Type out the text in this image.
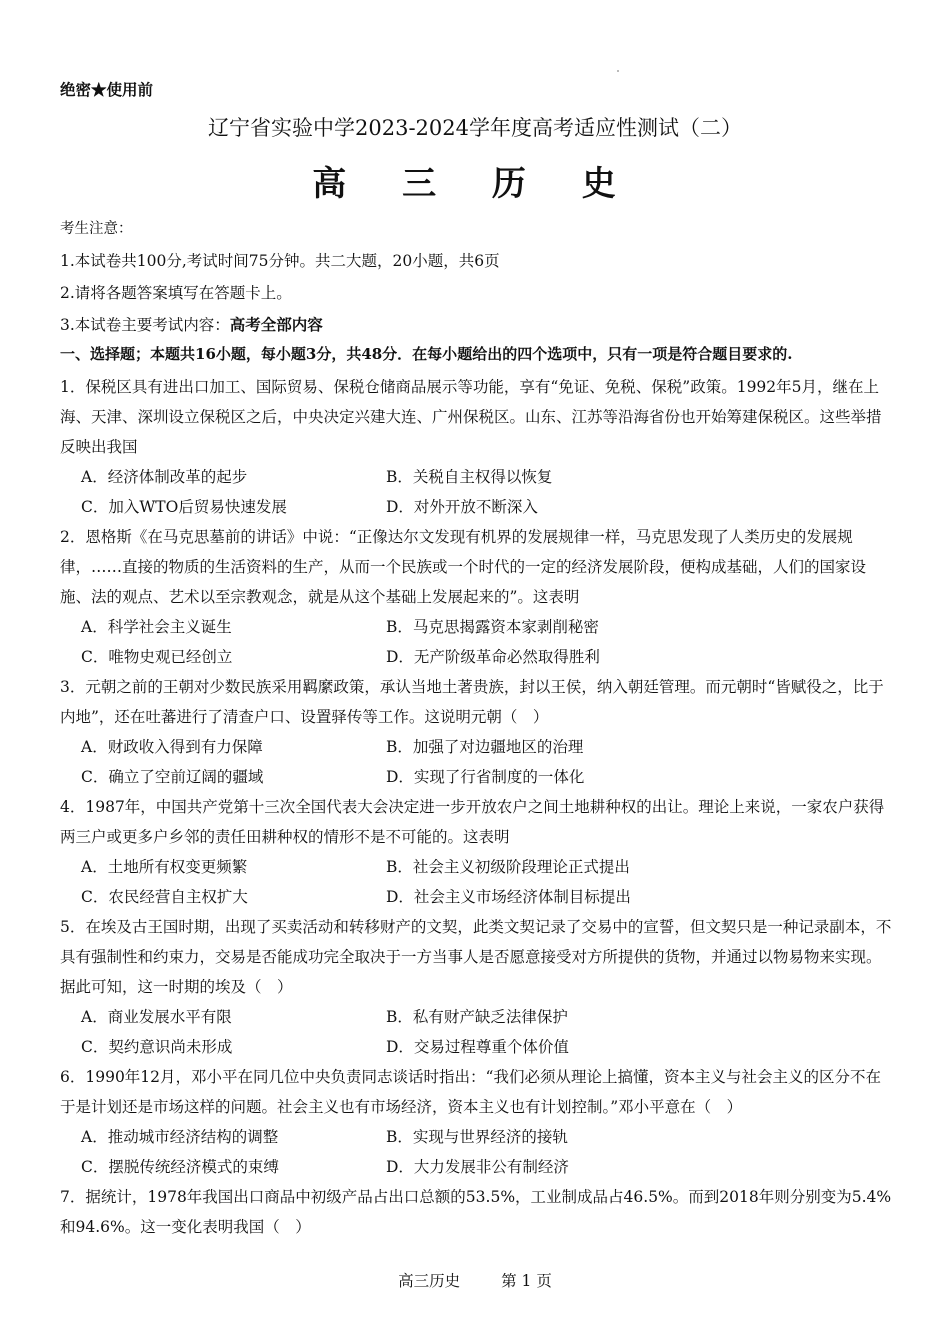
绝密★使用前
辽宁省实验中学2023-2024学年度高考适应性测试（二）
高 三 历 史
考生注意：
1.本试卷共100分,考试时间75分钟。共二大题，20小题，共6页
2.请将各题答案填写在答题卡上。
3.本试卷主要考试内容：高考全部内容
一、选择题；本题共16小题，每小题3分，共48分．在每小题给出的四个选项中，只有一项是符合题目要求的.
1．保税区具有进出口加工、国际贸易、保税仓储商品展示等功能，享有“免证、免税、保税”政策。1992年5月，继在上海、天津、深圳设立保税区之后，中央决定兴建大连、广州保税区。山东、江苏等沿海省份也开始筹建保税区。这些举措反映出我国
A．经济体制改革的起步	B．关税自主权得以恢复
C．加入WTO后贸易快速发展	D．对外开放不断深入
2．恩格斯《在马克思墓前的讲话》中说：“正像达尔文发现有机界的发展规律一样，马克思发现了人类历史的发展规律，……直接的物质的生活资料的生产，从而一个民族或一个时代的一定的经济发展阶段，便构成基础，人们的国家设施、法的观点、艺术以至宗教观念，就是从这个基础上发展起来的”。这表明
A．科学社会主义诞生	B．马克思揭露资本家剥削秘密
C．唯物史观已经创立	D．无产阶级革命必然取得胜利
3．元朝之前的王朝对少数民族采用羁縻政策，承认当地土著贵族，封以王侯，纳入朝廷管理。而元朝时“皆赋役之，比于内地”，还在吐蕃进行了清查户口、设置驿传等工作。这说明元朝（　）
A．财政收入得到有力保障	B．加强了对边疆地区的治理
C．确立了空前辽阔的疆域	D．实现了行省制度的一体化
4．1987年，中国共产党第十三次全国代表大会决定进一步开放农户之间土地耕种权的出让。理论上来说，一家农户获得两三户或更多户乡邻的责任田耕种权的情形不是不可能的。这表明
A．土地所有权变更频繁	B．社会主义初级阶段理论正式提出
C．农民经营自主权扩大	D．社会主义市场经济体制目标提出
5．在埃及古王国时期，出现了买卖活动和转移财产的文契，此类文契记录了交易中的宣誓，但文契只是一种记录副本，不具有强制性和约束力，交易是否能成功完全取决于一方当事人是否愿意接受对方所提供的货物，并通过以物易物来实现。据此可知，这一时期的埃及（　）
A．商业发展水平有限	B．私有财产缺乏法律保护
C．契约意识尚未形成	D．交易过程尊重个体价值
6．1990年12月，邓小平在同几位中央负责同志谈话时指出：“我们必须从理论上搞懂，资本主义与社会主义的区分不在于是计划还是市场这样的问题。社会主义也有市场经济，资本主义也有计划控制。”邓小平意在（　）
A．推动城市经济结构的调整	B．实现与世界经济的接轨
C．摆脱传统经济模式的束缚	D．大力发展非公有制经济
7．据统计，1978年我国出口商品中初级产品占出口总额的53.5%，工业制成品占46.5%。而到2018年则分别变为5.4%和94.6%。这一变化表明我国（　）
高三历史	第 1 页
